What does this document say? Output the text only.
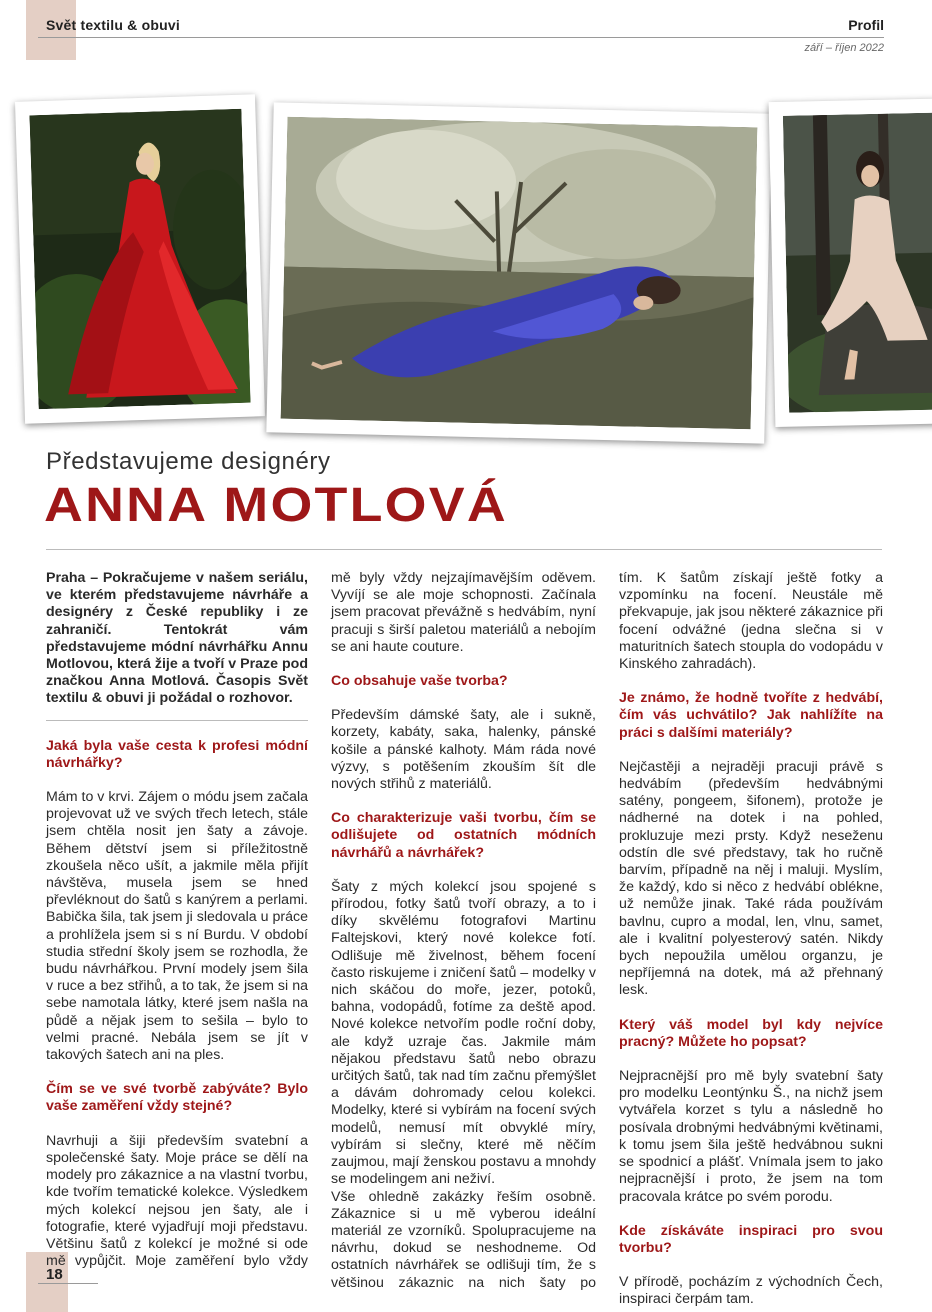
Svět textilu & obuvi	Profil
září – říjen 2022
Představujeme designéry
ANNA MOTLOVÁ

Praha – Pokračujeme v našem seriálu, ve kterém představujeme návrháře a designéry z České republiky i ze zahraničí. Tentokrát vám představujeme módní návrhářku Annu Motlovou, která žije a tvoří v Praze pod značkou Anna Motlová. Časopis Svět textilu & obuvi ji požádal o rozhovor.

Jaká byla vaše cesta k profesi módní návrhářky?

Mám to v krvi. Zájem o módu jsem začala projevovat už ve svých třech letech, stále jsem chtěla nosit jen šaty a závoje. Během dětství jsem si příležitostně zkoušela něco ušít, a jakmile měla přijít návštěva, musela jsem se hned převléknout do šatů s kanýrem a perlami. Babička šila, tak jsem ji sledovala u práce a prohlížela jsem si s ní Burdu. V období studia střední školy jsem se rozhodla, že budu návrhářkou. První modely jsem šila v ruce a bez střihů, a to tak, že jsem si na sebe namotala látky, které jsem našla na půdě a nějak jsem to sešila – bylo to velmi pracné. Nebála jsem se jít v takových šatech ani na ples.

Čím se ve své tvorbě zabýváte? Bylo vaše zaměření vždy stejné?

Navrhuji a šiji především svatební a společenské šaty. Moje práce se dělí na modely pro zákaznice a na vlastní tvorbu, kde tvořím tematické kolekce. Výsledkem mých kolekcí nejsou jen šaty, ale i fotografie, které vyjadřují moji představu. Většinu šatů z kolekcí je možné si ode mě vypůjčit. Moje zaměření bylo vždy

mě byly vždy nejzajímavějším oděvem. Vyvíjí se ale moje schopnosti. Začínala jsem pracovat převážně s hedvábím, nyní pracuji s širší paletou materiálů a nebojím se ani haute couture.

Co obsahuje vaše tvorba?

Především dámské šaty, ale i sukně, korzety, kabáty, saka, halenky, pánské košile a pánské kalhoty. Mám ráda nové výzvy, s potěšením zkouším šít dle nových střihů z materiálů.

Co charakterizuje vaši tvorbu, čím se odlišujete od ostatních módních návrhářů a návrhářek?

Šaty z mých kolekcí jsou spojené s přírodou, fotky šatů tvoří obrazy, a to i díky skvělému fotografovi Martinu Faltejskovi, který nové kolekce fotí. Odlišuje mě živelnost, během focení často riskujeme i zničení šatů – modelky v nich skáčou do moře, jezer, potoků, bahna, vodopádů, fotíme za deště apod. Nové kolekce netvořím podle roční doby, ale když uzraje čas. Jakmile mám nějakou představu šatů nebo obrazu určitých šatů, tak nad tím začnu přemýšlet a dávám dohromady celou kolekci. Modelky, které si vybírám na focení svých modelů, nemusí mít obvyklé míry, vybírám si slečny, které mě něčím zaujmou, mají ženskou postavu a mnohdy se modelingem ani neživí.

Vše ohledně zakázky řeším osobně. Zákaznice si u mě vyberou ideální materiál ze vzorníků. Spolupracujeme na návrhu, dokud se neshodneme. Od ostatních návrhářek se odlišuji tím, že s většinou zákaznic na nich šaty po

tím. K šatům získají ještě fotky a vzpomínku na focení. Neustále mě překvapuje, jak jsou některé zákaznice při focení odvážné (jedna slečna si v maturitních šatech stoupla do vodopádu v Kinského zahradách).

Je známo, že hodně tvoříte z hedvábí, čím vás uchvátilo? Jak nahlížíte na práci s dalšími materiály?

Nejčastěji a nejraději pracuji právě s hedvábím (především hedvábnými satény, pongeem, šifonem), protože je nádherné na dotek i na pohled, prokluzuje mezi prsty. Když neseženu odstín dle své představy, tak ho ručně barvím, případně na něj i maluji. Myslím, že každý, kdo si něco z hedvábí oblékne, už nemůže jinak. Také ráda používám bavlnu, cupro a modal, len, vlnu, samet, ale i kvalitní polyesterový satén. Nikdy bych nepoužila umělou organzu, je nepříjemná na dotek, má až přehnaný lesk.

Který váš model byl kdy nejvíce pracný? Můžete ho popsat?

Nejpracnější pro mě byly svatební šaty pro modelku Leontýnku Š., na nichž jsem vytvářela korzet s tylu a následně ho posívala drobnými hedvábnými květinami, k tomu jsem šila ještě hedvábnou sukni se spodnicí a plášť. Vnímala jsem to jako nejpracnější i proto, že jsem na tom pracovala krátce po svém porodu.

Kde získáváte inspiraci pro svou tvorbu?

V přírodě, pocházím z východních Čech, inspiraci čerpám tam.

18
